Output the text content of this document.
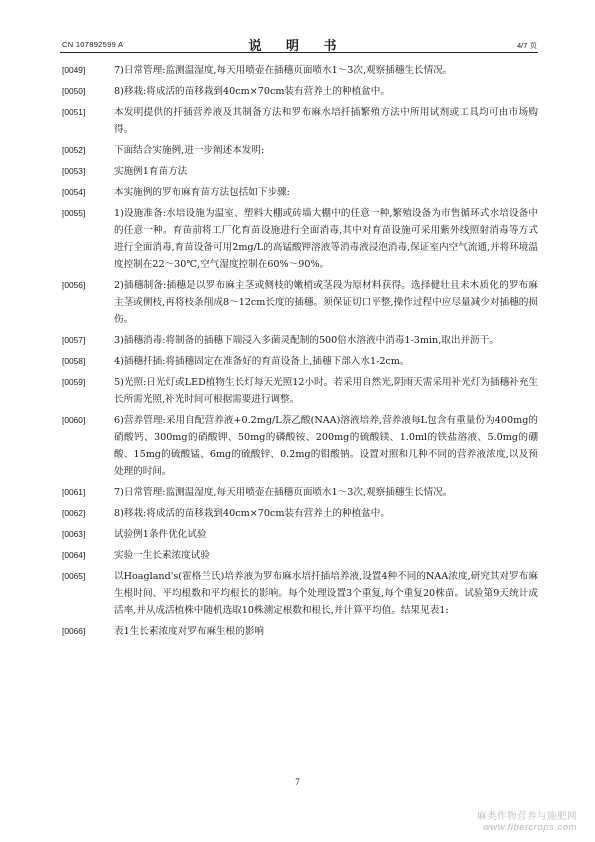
CN 107892599 A	说 明 书	4/7 页
[0049]	7)日常管理:监测温湿度,每天用喷壶在插穗页面喷水1～3次,观察插穗生长情况。
[0050]	8)移栽:将成活的苗移栽到40cm×70cm装有营养土的种植盆中。
[0051]	本发明提供的扦插营养液及其制备方法和罗布麻水培扦插繁殖方法中所用试剂或工具均可由市场购得。
[0052]	下面结合实施例,进一步阐述本发明:
[0053]	实施例1育苗方法
[0054]	本实施例的罗布麻育苗方法包括如下步骤:
[0055]	1)设施准备:水培设施为温室、塑料大棚或砖墙大棚中的任意一种,繁殖设备为市售循环式水培设备中的任意一种。育苗前将工厂化育苗设施进行全面消毒,其中对育苗设施可采用紫外线照射消毒等方式进行全面消毒,育苗设备可用2mg/L的高锰酸钾溶液等消毒液浸泡消毒,保证室内空气流通,并将环境温度控制在22～30℃,空气湿度控制在60%～90%。
[0056]	2)插穗制备:插穗是以罗布麻主茎或侧枝的嫩梢或茎段为原材料获得。选择健壮且未木质化的罗布麻主茎或侧枝,再将枝条削成8～12cm长度的插穗。须保证切口平整,操作过程中应尽量减少对插穗的损伤。
[0057]	3)插穗消毒:将制备的插穗下端浸入多菌灵配制的500倍水溶液中消毒1-3min,取出并沥干。
[0058]	4)插穗扦插:将插穗固定在准备好的育苗设备上,插穗下部入水1-2cm。
[0059]	5)光照:日光灯或LED植物生长灯每天光照12小时。若采用自然光,阴雨天需采用补光灯为插穗补充生长所需光照,补光时间可根据需要进行调整。
[0060]	6)营养管理:采用自配营养液+0.2mg/L萘乙酸(NAA)溶液培养,营养液每L包含有重量份为400mg的硝酸钙、300mg的硝酸钾、50mg的磷酸铵、200mg的硫酸镁、1.0ml的铁盐溶液、5.0mg的硼酸、15mg的硫酸锰、6mg的硫酸锌、0.2mg的钼酸钠。设置对照和几种不同的营养液浓度,以及预处理的时间。
[0061]	7)日常管理:监测温湿度,每天用喷壶在插穗页面喷水1～3次,观察插穗生长情况。
[0062]	8)移栽:将成活的苗移栽到40cm×70cm装有营养土的种植盆中。
[0063]	试验例1条件优化试验
[0064]	实验一生长素浓度试验
[0065]	以Hoagland's(霍格兰氏)培养液为罗布麻水培扦插培养液,设置4种不同的NAA浓度,研究其对罗布麻生根时间、平均根数和平均根长的影响。每个处理设置3个重复,每个重复20株苗。试验第9天统计成活率,并从成活植株中随机选取10株测定根数和根长,并计算平均值。结果见表1:
[0066]	表1生长素浓度对罗布麻生根的影响
7
麻类作物营养与施肥网
www.fibercrops.com
